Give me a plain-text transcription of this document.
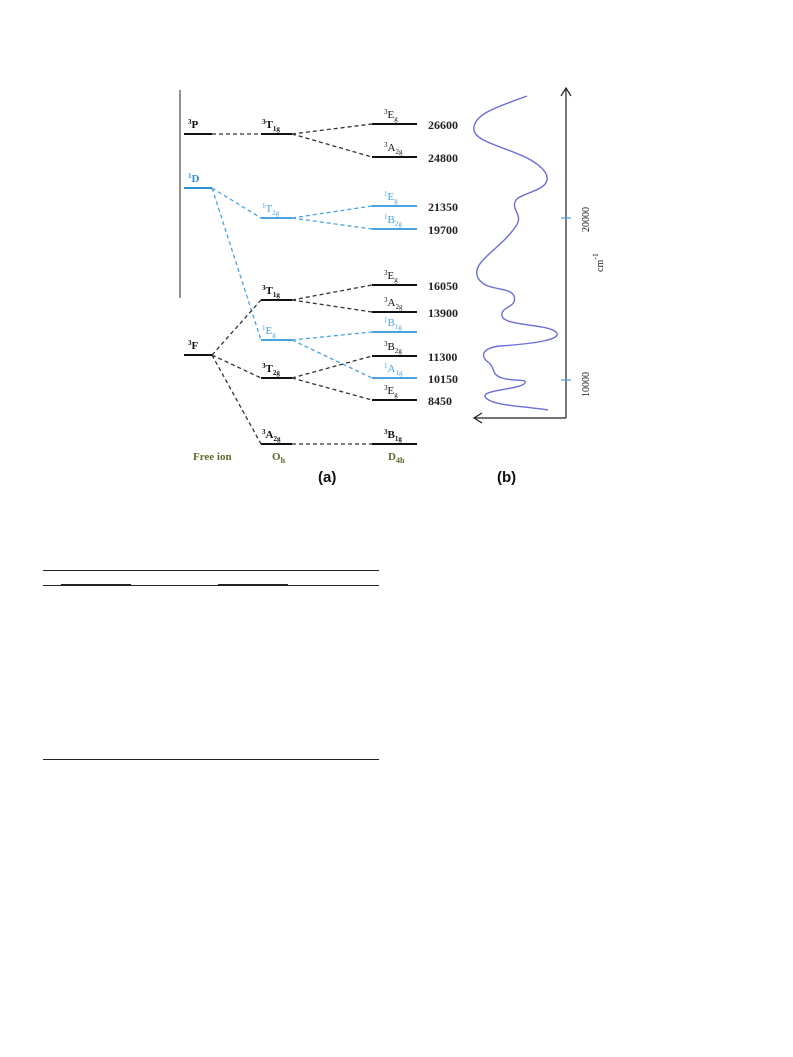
$^3$P
$^1$D
$^3$F
$^3T_{1g}$
$^1T_{2g}$
$^3T_{1g}$
$^1E_g$
$^3T_{2g}$
$^3A_{2g}$
$^3E_g$	26600
$^3A_{2g}$ 24800
$^1E_g$	21350
$^1B_{2g}$ 19700
$^3E_g$	16050
$^3A_{2g}$ 13900
$^1B_{1g}$
$^3B_{2g}$ 11300
$^1A_{1g}$ 10150
$^3E_g$	8450
$^3B_{1g}$
Free ion	$O_h$	$D_{4h}$
(a)	(b)
20000
10000
$cm^{-1}$
